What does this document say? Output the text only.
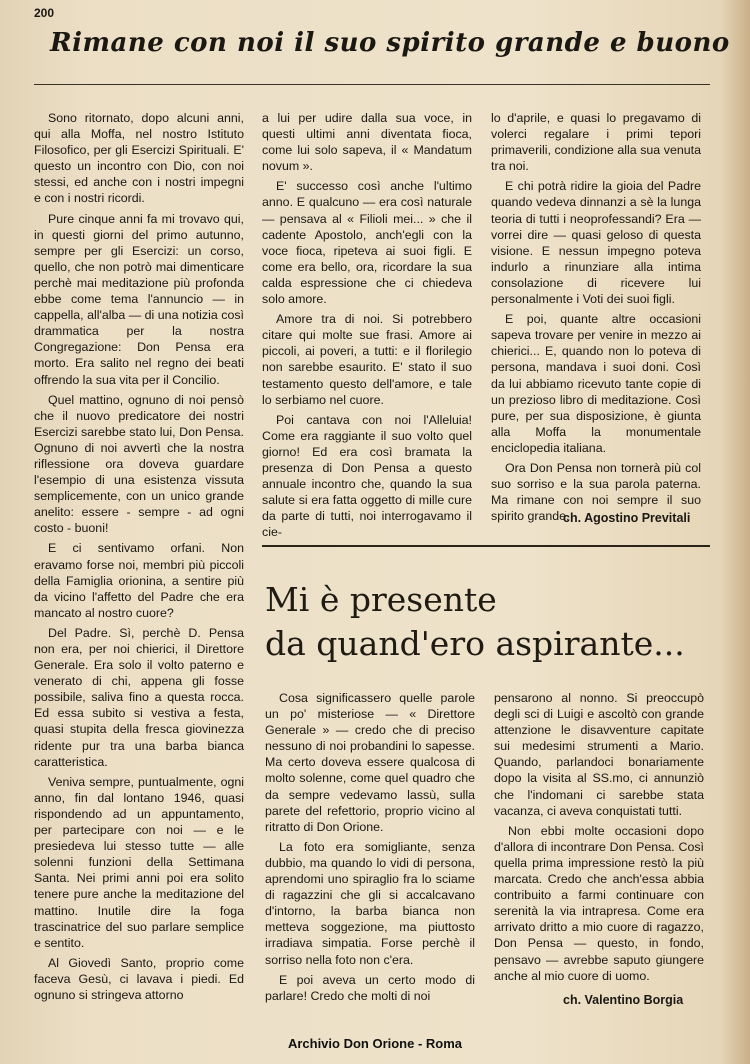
200
Rimane con noi il suo spirito grande e buono

Sono ritornato, dopo alcuni anni, qui alla Moffa, nel nostro Istituto Filosofico, per gli Esercizi Spirituali. E' questo un incontro con Dio, con noi stessi, ed anche con i nostri impegni e con i nostri ricordi.

Pure cinque anni fa mi trovavo qui, in questi giorni del primo autunno, sempre per gli Esercizi: un corso, quello, che non potrò mai dimenticare perchè mai meditazione più profonda ebbe come tema l'annuncio — in cappella, all'alba — di una notizia così drammatica per la nostra Congregazione: Don Pensa era morto. Era salito nel regno dei beati offrendo la sua vita per il Concilio.

Quel mattino, ognuno di noi pensò che il nuovo predicatore dei nostri Esercizi sarebbe stato lui, Don Pensa. Ognuno di noi avvertì che la nostra riflessione ora doveva guardare l'esempio di una esistenza vissuta semplicemente, con un unico grande anelito: essere - sempre - ad ogni costo - buoni!

E ci sentivamo orfani. Non eravamo forse noi, membri più piccoli della Famiglia orionina, a sentire più da vicino l'affetto del Padre che era mancato al nostro cuore?

Del Padre. Sì, perchè D. Pensa non era, per noi chierici, il Direttore Generale. Era solo il volto paterno e venerato di chi, appena gli fosse possibile, saliva fino a questa rocca. Ed essa subito si vestiva a festa, quasi stupita della fresca giovinezza ridente pur tra una barba bianca caratteristica.

Veniva sempre, puntualmente, ogni anno, fin dal lontano 1946, quasi rispondendo ad un appuntamento, per partecipare con noi — e le presiedeva lui stesso tutte — alle solenni funzioni della Settimana Santa. Nei primi anni poi era solito tenere pure anche la meditazione del mattino. Inutile dire la foga trascinatrice del suo parlare semplice e sentito.

Al Giovedì Santo, proprio come faceva Gesù, ci lavava i piedi. Ed ognuno si stringeva attorno

a lui per udire dalla sua voce, in questi ultimi anni diventata fioca, come lui solo sapeva, il « Mandatum novum ».

E' successo così anche l'ultimo anno. E qualcuno — era così naturale — pensava al « Filioli mei... » che il cadente Apostolo, anch'egli con la voce fioca, ripeteva ai suoi figli. E come era bello, ora, ricordare la sua calda espressione che ci chiedeva solo amore.

Amore tra di noi. Si potrebbero citare qui molte sue frasi. Amore ai piccoli, ai poveri, a tutti: e il florilegio non sarebbe esaurito. E' stato il suo testamento questo dell'amore, e tale lo serbiamo nel cuore.

Poi cantava con noi l'Alleluia! Come era raggiante il suo volto quel giorno! Ed era così bramata la presenza di Don Pensa a questo annuale incontro che, quando la sua salute si era fatta oggetto di mille cure da parte di tutti, noi interrogavamo il cie-

lo d'aprile, e quasi lo pregavamo di volerci regalare i primi tepori primaverili, condizione alla sua venuta tra noi.

E chi potrà ridire la gioia del Padre quando vedeva dinnanzi a sè la lunga teoria di tutti i neoprofessandi? Era — vorrei dire — quasi geloso di questa visione. E nessun impegno poteva indurlo a rinunziare alla intima consolazione di ricevere lui personalmente i Voti dei suoi figli.

E poi, quante altre occasioni sapeva trovare per venire in mezzo ai chierici... E, quando non lo poteva di persona, mandava i suoi doni. Così da lui abbiamo ricevuto tante copie di un prezioso libro di meditazione. Così pure, per sua disposizione, è giunta alla Moffa la monumentale enciclopedia italiana.

Ora Don Pensa non tornerà più col suo sorriso e la sua parola paterna. Ma rimane con noi sempre il suo spirito grande.

ch. Agostino Previtali
Mi è presente
da quand'ero aspirante...

Cosa significassero quelle parole un po' misteriose — « Direttore Generale » — credo che di preciso nessuno di noi probandini lo sapesse. Ma certo doveva essere qualcosa di molto solenne, come quel quadro che da sempre vedevamo lassù, sulla parete del refettorio, proprio vicino al ritratto di Don Orione.

La foto era somigliante, senza dubbio, ma quando lo vidi di persona, aprendomi uno spiraglio fra lo sciame di ragazzini che gli si accalcavano d'intorno, la barba bianca non metteva soggezione, ma piuttosto irradiava simpatia. Forse perchè il sorriso nella foto non c'era.

E poi aveva un certo modo di parlare! Credo che molti di noi

pensarono al nonno. Si preoccupò degli sci di Luigi e ascoltò con grande attenzione le disavventure capitate sui medesimi strumenti a Mario. Quando, parlandoci bonariamente dopo la visita al SS.mo, ci annunziò che l'indomani ci sarebbe stata vacanza, ci aveva conquistati tutti.

Non ebbi molte occasioni dopo d'allora di incontrare Don Pensa. Così quella prima impressione restò la più marcata. Credo che anch'essa abbia contribuito a farmi continuare con serenità la via intrapresa. Come era arrivato dritto a mio cuore di ragazzo, Don Pensa — questo, in fondo, pensavo — avrebbe saputo giungere anche al mio cuore di uomo.

ch. Valentino Borgia
Archivio Don Orione - Roma
